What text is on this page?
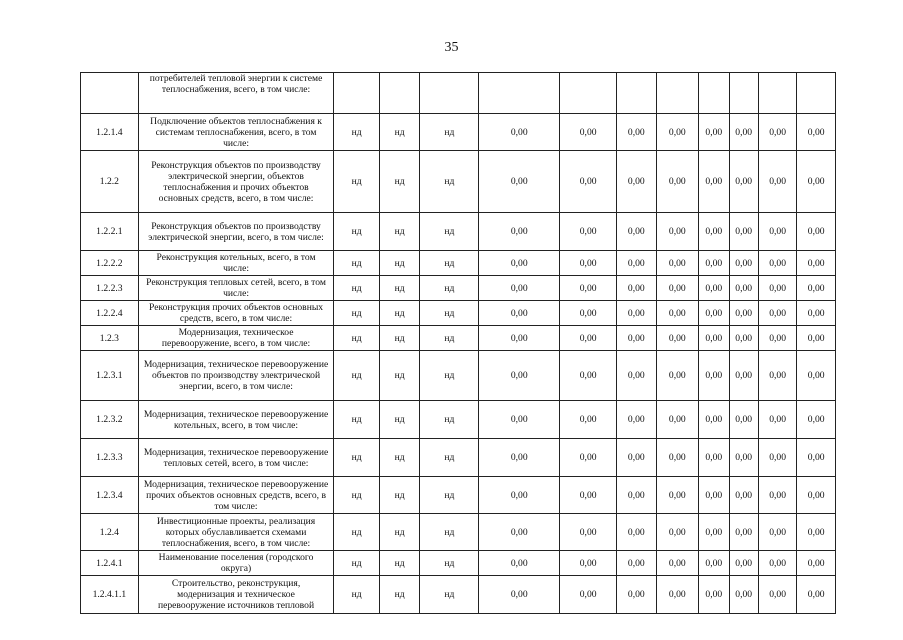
35
	потребителей тепловой энергии к системе теплоснабжения, всего, в том числе:											
1.2.1.4	Подключение объектов теплоснабжения к системам теплоснабжения, всего, в том числе:	нд	нд	нд	0,00	0,00	0,00	0,00	0,00	0,00	0,00	0,00
1.2.2	Реконструкция объектов по производству электрической энергии, объектов теплоснабжения и прочих объектов основных средств, всего, в том числе:	нд	нд	нд	0,00	0,00	0,00	0,00	0,00	0,00	0,00	0,00
1.2.2.1	Реконструкция объектов по производству электрической энергии, всего, в том числе:	нд	нд	нд	0,00	0,00	0,00	0,00	0,00	0,00	0,00	0,00
1.2.2.2	Реконструкция котельных, всего, в том числе:	нд	нд	нд	0,00	0,00	0,00	0,00	0,00	0,00	0,00	0,00
1.2.2.3	Реконструкция тепловых сетей, всего, в том числе:	нд	нд	нд	0,00	0,00	0,00	0,00	0,00	0,00	0,00	0,00
1.2.2.4	Реконструкция прочих объектов основных средств, всего, в том числе:	нд	нд	нд	0,00	0,00	0,00	0,00	0,00	0,00	0,00	0,00
1.2.3	Модернизация, техническое перевооружение, всего, в том числе:	нд	нд	нд	0,00	0,00	0,00	0,00	0,00	0,00	0,00	0,00
1.2.3.1	Модернизация, техническое перевооружение объектов по производству электрической энергии, всего, в том числе:	нд	нд	нд	0,00	0,00	0,00	0,00	0,00	0,00	0,00	0,00
1.2.3.2	Модернизация, техническое перевооружение котельных, всего, в том числе:	нд	нд	нд	0,00	0,00	0,00	0,00	0,00	0,00	0,00	0,00
1.2.3.3	Модернизация, техническое перевооружение тепловых сетей, всего, в том числе:	нд	нд	нд	0,00	0,00	0,00	0,00	0,00	0,00	0,00	0,00
1.2.3.4	Модернизация, техническое перевооружение прочих объектов основных средств, всего, в том числе:	нд	нд	нд	0,00	0,00	0,00	0,00	0,00	0,00	0,00	0,00
1.2.4	Инвестиционные проекты, реализация которых обуславливается схемами теплоснабжения, всего, в том числе:	нд	нд	нд	0,00	0,00	0,00	0,00	0,00	0,00	0,00	0,00
1.2.4.1	Наименование поселения (городского округа)	нд	нд	нд	0,00	0,00	0,00	0,00	0,00	0,00	0,00	0,00
1.2.4.1.1	Строительство, реконструкция, модернизация и техническое перевооружение источников тепловой	нд	нд	нд	0,00	0,00	0,00	0,00	0,00	0,00	0,00	0,00
